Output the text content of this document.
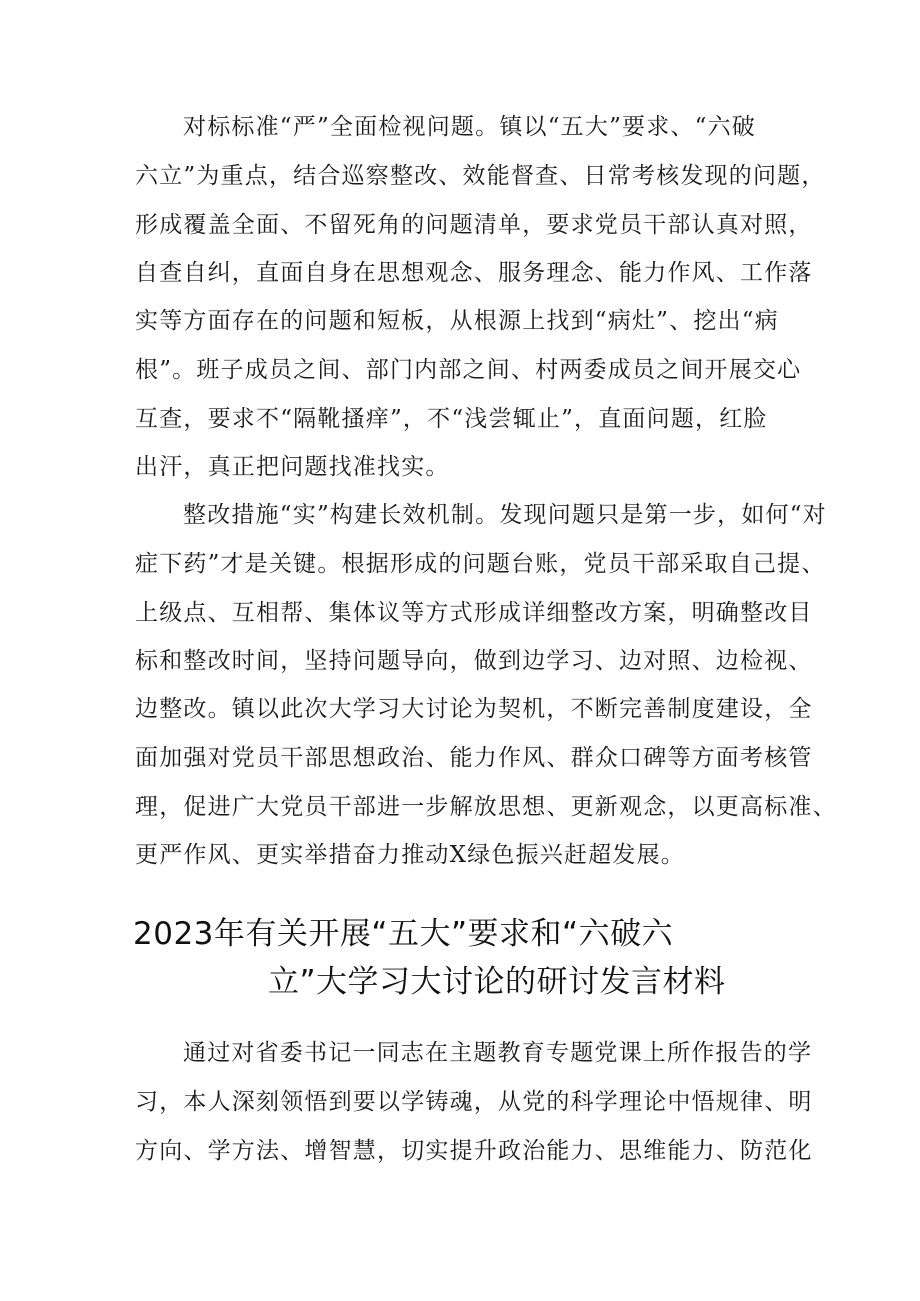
对标标准“严”全面检视问题。镇以“五大”要求、“六破

六立”为重点，结合巡察整改、效能督查、日常考核发现的问题，

形成覆盖全面、不留死角的问题清单，要求党员干部认真对照，

自查自纠，直面自身在思想观念、服务理念、能力作风、工作落

实等方面存在的问题和短板，从根源上找到“病灶”、挖出“病

根”。班子成员之间、部门内部之间、村两委成员之间开展交心

互查，要求不“隔靴搔痒”，不“浅尝辄止”，直面问题，红脸

出汗，真正把问题找准找实。

整改措施“实”构建长效机制。发现问题只是第一步，如何“对

症下药”才是关键。根据形成的问题台账，党员干部采取自己提、

上级点、互相帮、集体议等方式形成详细整改方案，明确整改目

标和整改时间，坚持问题导向，做到边学习、边对照、边检视、

边整改。镇以此次大学习大讨论为契机，不断完善制度建设，全

面加强对党员干部思想政治、能力作风、群众口碑等方面考核管

理，促进广大党员干部进一步解放思想、更新观念，以更高标准、

更严作风、更实举措奋力推动X绿色振兴赶超发展。

2023年有关开展“五大”要求和“六破六
立”大学习大讨论的研讨发言材料

通过对省委书记一同志在主题教育专题党课上所作报告的学

习，本人深刻领悟到要以学铸魂，从党的科学理论中悟规律、明

方向、学方法、增智慧，切实提升政治能力、思维能力、防范化
